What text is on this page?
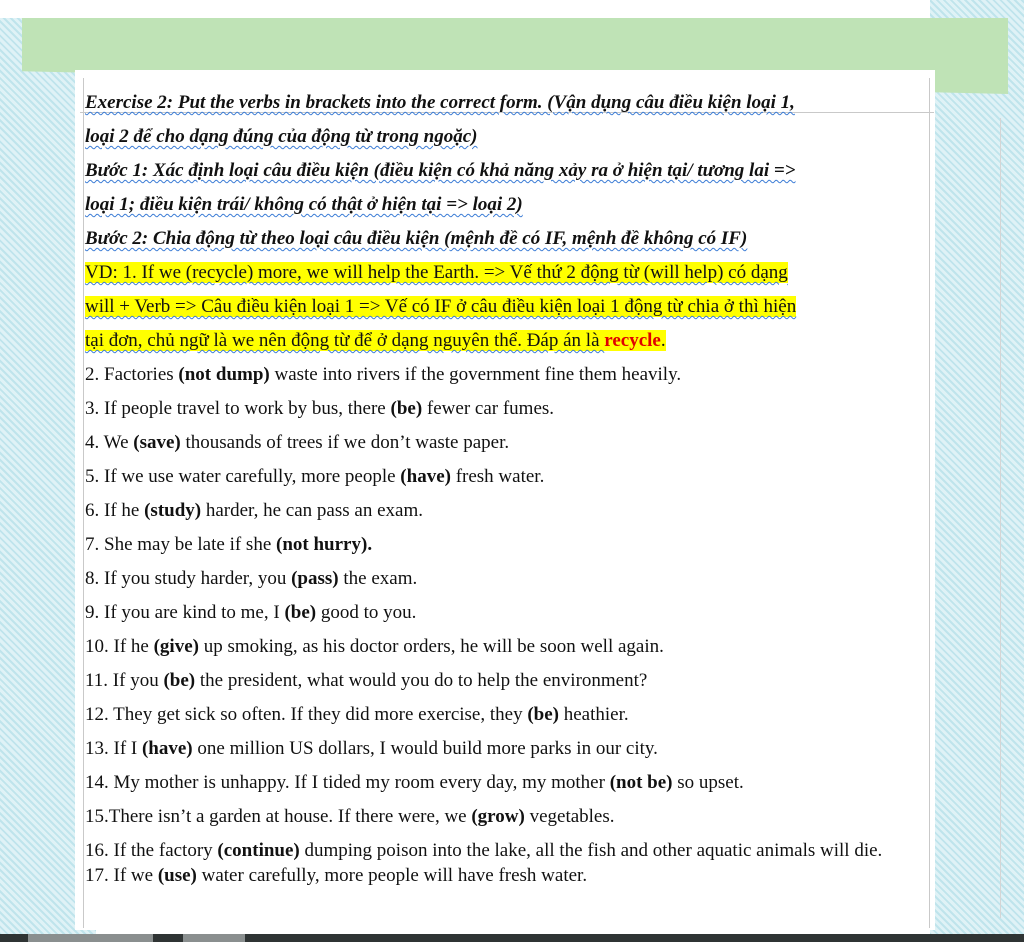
Exercise 2: Put the verbs in brackets into the correct form. (Vận dụng câu điều kiện loại 1,
loại 2 để cho dạng đúng của động từ trong ngoặc)
Bước 1: Xác định loại câu điều kiện (điều kiện có khả năng xảy ra ở hiện tại/ tương lai =>
loại 1; điều kiện trái/ không có thật ở hiện tại => loại 2)
Bước 2: Chia động từ theo loại câu điều kiện (mệnh đề có IF, mệnh đề không có IF)
VD: 1. If we (recycle) more, we will help the Earth. => Vế thứ 2 động từ (will help) có dạng
will + Verb => Câu điều kiện loại 1 => Vế có IF ở câu điều kiện loại 1 động từ chia ở thì hiện
tại đơn, chủ ngữ là we nên động từ để ở dạng nguyên thể. Đáp án là recycle.
2. Factories (not dump) waste into rivers if the government fine them heavily.
3. If people travel to work by bus, there (be) fewer car fumes.
4. We (save) thousands of trees if we don’t waste paper.
5. If we use water carefully, more people (have) fresh water.
6. If he (study) harder, he can pass an exam.
7. She may be late if she (not hurry).
8. If you study harder, you (pass) the exam.
9. If you are kind to me, I (be) good to you.
10. If he (give) up smoking, as his doctor orders, he will be soon well again.
11. If you (be) the president, what would you do to help the environment?
12. They get sick so often. If they did more exercise, they (be) heathier.
13. If I (have) one million US dollars, I would build more parks in our city.
14. My mother is unhappy. If I tided my room every day, my mother (not be) so upset.
15.There isn’t a garden at house. If there were, we (grow) vegetables.
16. If the factory (continue) dumping poison into the lake, all the fish and other aquatic animals will die.
17. If we (use) water carefully, more people will have fresh water.
